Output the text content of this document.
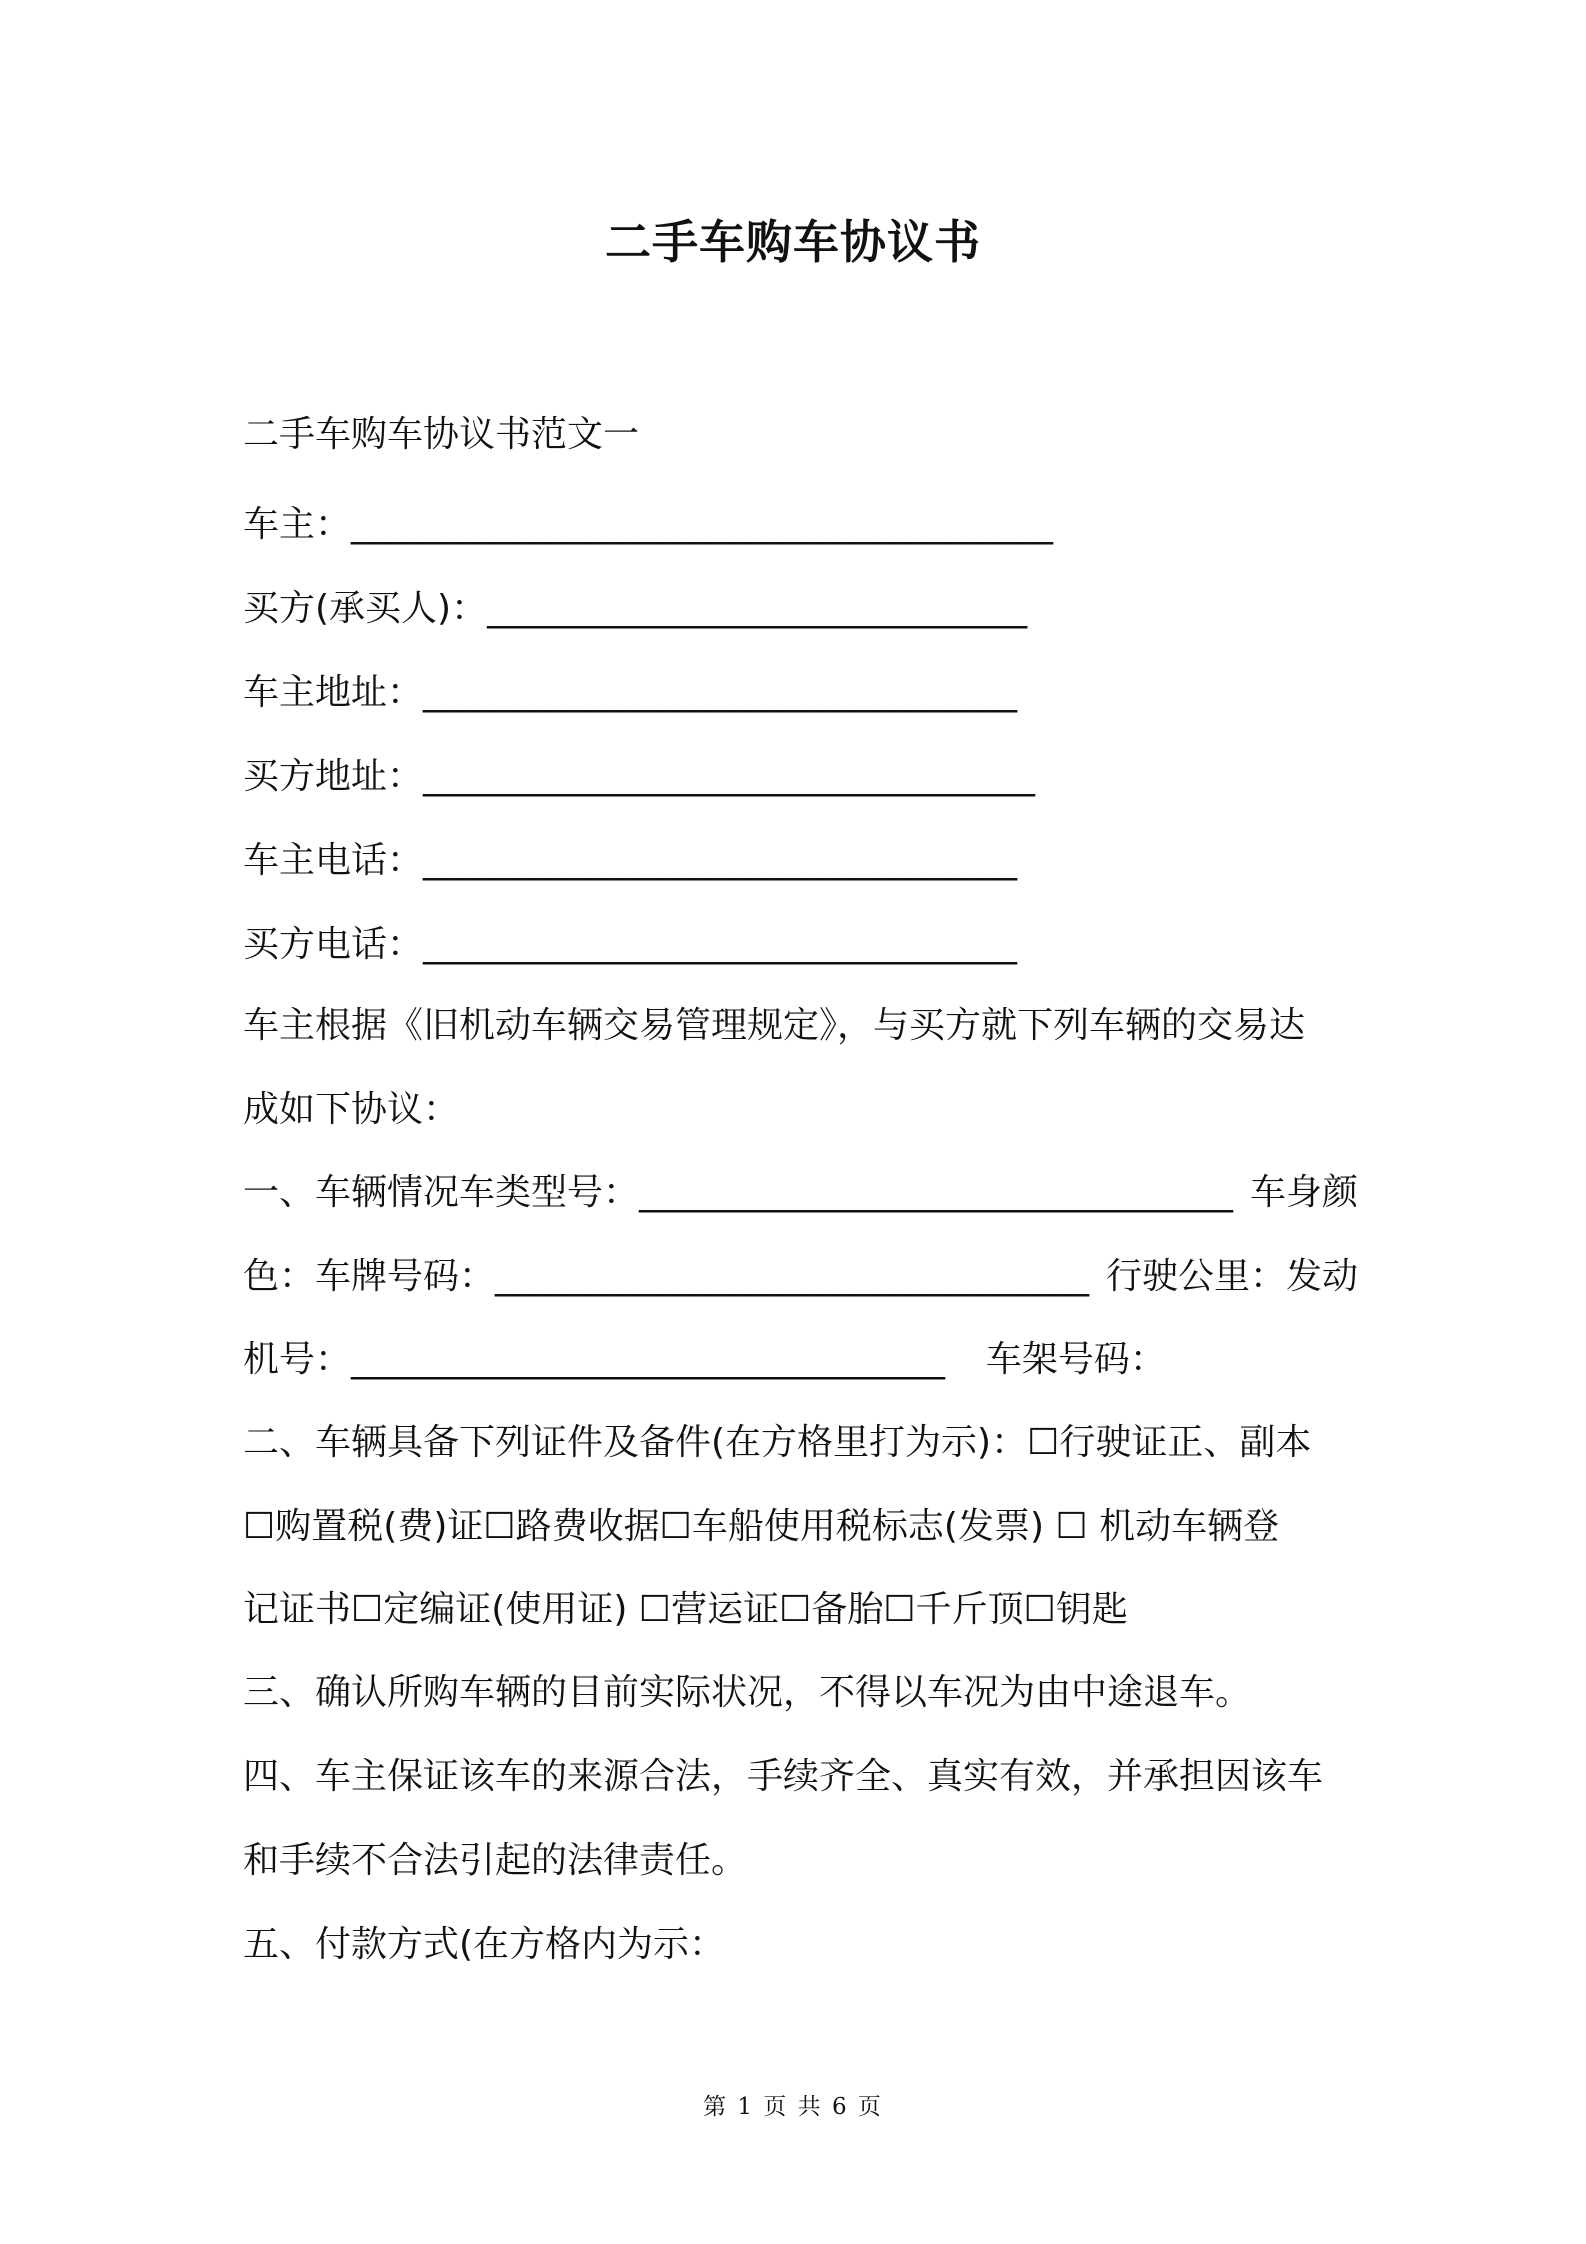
二手车购车协议书
二手车购车协议书范文一
车主：_______________________________________
买方(承买人)：______________________________
车主地址：_________________________________
买方地址：__________________________________
车主电话：_________________________________
买方电话：_________________________________
车主根据《旧机动车辆交易管理规定》，与买方就下列车辆的交易达
成如下协议：
一、车辆情况车类型号：_________________________________ 车身颜
色：车牌号码：_________________________________ 行驶公里：发动
机号：_________________________________ 车架号码：
二、车辆具备下列证件及备件(在方格里打为示)：☐行驶证正、副本
☐购置税(费)证☐路费收据☐车船使用税标志(发票) ☐ 机动车辆登
记证书☐定编证(使用证) ☐营运证☐备胎☐千斤顶☐钥匙
三、确认所购车辆的目前实际状况，不得以车况为由中途退车。
四、车主保证该车的来源合法，手续齐全、真实有效，并承担因该车
和手续不合法引起的法律责任。
五、付款方式(在方格内为示：
第 1 页 共 6 页
